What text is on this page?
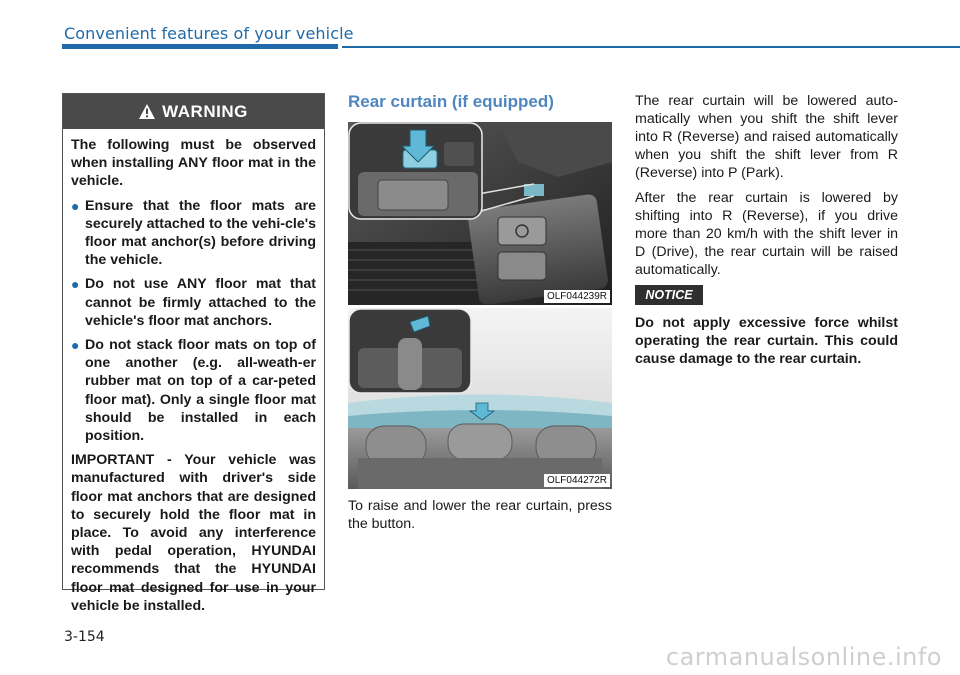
Convenient features of your vehicle
WARNING

The following must be observed when installing ANY floor mat in the vehicle.

● Ensure that the floor mats are securely attached to the vehi-cle's floor mat anchor(s) before driving the vehicle.
● Do not use ANY floor mat that cannot be firmly attached to the vehicle's floor mat anchors.
● Do not stack floor mats on top of one another (e.g. all-weath-er rubber mat on top of a car-peted floor mat). Only a single floor mat should be installed in each position.

IMPORTANT - Your vehicle was manufactured with driver's side floor mat anchors that are designed to securely hold the floor mat in place. To avoid any interference with pedal operation, HYUNDAI recommends that the HYUNDAI floor mat designed for use in your vehicle be installed.

Rear curtain (if equipped)
OLF044239R
OLF044272R
To raise and lower the rear curtain, press the button.

The rear curtain will be lowered auto-matically when you shift the shift lever into R (Reverse) and raised automatically when you shift the shift lever from R (Reverse) into P (Park).

After the rear curtain is lowered by shifting into R (Reverse), if you drive more than 20 km/h with the shift lever in D (Drive), the rear curtain will be raised automatically.

NOTICE
Do not apply excessive force whilst operating the rear curtain. This could cause damage to the rear curtain.
3-154
carmanualsonline.info
